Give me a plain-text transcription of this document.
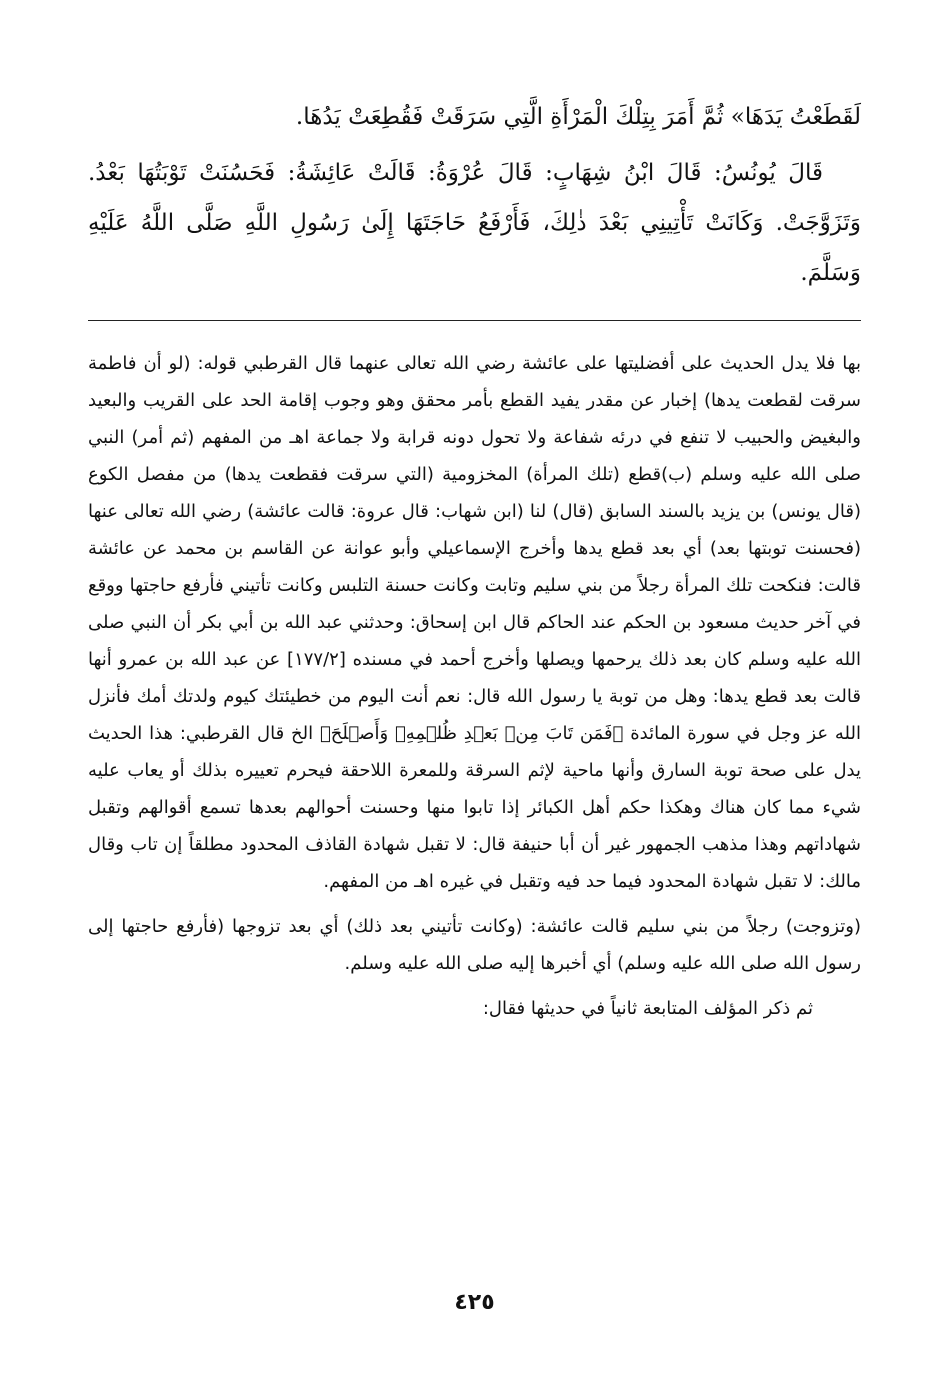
لَقَطَعْتُ يَدَهَا» ثُمَّ أَمَرَ بِتِلْكَ الْمَرْأَةِ الَّتِي سَرَقَتْ فَقُطِعَتْ يَدُهَا.

قَالَ يُونُسُ: قَالَ ابْنُ شِهَابٍ: قَالَ عُرْوَةُ: قَالَتْ عَائِشَةُ: فَحَسُنَتْ تَوْبَتُهَا بَعْدُ. وَتَزَوَّجَتْ. وَكَانَتْ تَأْتِينِي بَعْدَ ذٰلِكَ، فَأَرْفَعُ حَاجَتَهَا إِلَىٰ رَسُولِ اللَّهِ صَلَّى اللَّهُ عَلَيْهِ وَسَلَّمَ.

بها فلا يدل الحديث على أفضليتها على عائشة رضي الله تعالى عنهما قال القرطبي قوله: (لو أن فاطمة سرقت لقطعت يدها) إخبار عن مقدر يفيد القطع بأمر محقق وهو وجوب إقامة الحد على القريب والبعيد والبغيض والحبيب لا تنفع في درئه شفاعة ولا تحول دونه قرابة ولا جماعة اهـ من المفهم (ثم أمر) النبي صلى الله عليه وسلم (ب)قطع (تلك المرأة) المخزومية (التي سرقت فقطعت يدها) من مفصل الكوع (قال يونس) بن يزيد بالسند السابق (قال) لنا (ابن شهاب: قال عروة: قالت عائشة) رضي الله تعالى عنها (فحسنت توبتها بعد) أي بعد قطع يدها وأخرج الإسماعيلي وأبو عوانة عن القاسم بن محمد عن عائشة قالت: فنكحت تلك المرأة رجلاً من بني سليم وتابت وكانت حسنة التلبس وكانت تأتيني فأرفع حاجتها ووقع في آخر حديث مسعود بن الحكم عند الحاكم قال ابن إسحاق: وحدثني عبد الله بن أبي بكر أن النبي صلى الله عليه وسلم كان بعد ذلك يرحمها ويصلها وأخرج أحمد في مسنده [١٧٧/٢] عن عبد الله بن عمرو أنها قالت بعد قطع يدها: وهل من توبة يا رسول الله قال: نعم أنت اليوم من خطيئتك كيوم ولدتك أمك فأنزل الله عز وجل في سورة المائدة ﴿فَمَن تَابَ مِنۢ بَعۡدِ ظُلۡمِهِۦ وَأَصۡلَحَ﴾ الخ قال القرطبي: هذا الحديث يدل على صحة توبة السارق وأنها ماحية لإثم السرقة وللمعرة اللاحقة فيحرم تعييره بذلك أو يعاب عليه شيء مما كان هناك وهكذا حكم أهل الكبائر إذا تابوا منها وحسنت أحوالهم بعدها تسمع أقوالهم وتقبل شهاداتهم وهذا مذهب الجمهور غير أن أبا حنيفة قال: لا تقبل شهادة القاذف المحدود مطلقاً إن تاب وقال مالك: لا تقبل شهادة المحدود فيما حد فيه وتقبل في غيره اهـ من المفهم.

(وتزوجت) رجلاً من بني سليم قالت عائشة: (وكانت تأتيني بعد ذلك) أي بعد تزوجها (فأرفع حاجتها إلى رسول الله صلى الله عليه وسلم) أي أخبرها إليه صلى الله عليه وسلم.

ثم ذكر المؤلف المتابعة ثانياً في حديثها فقال:

٤٢٥
